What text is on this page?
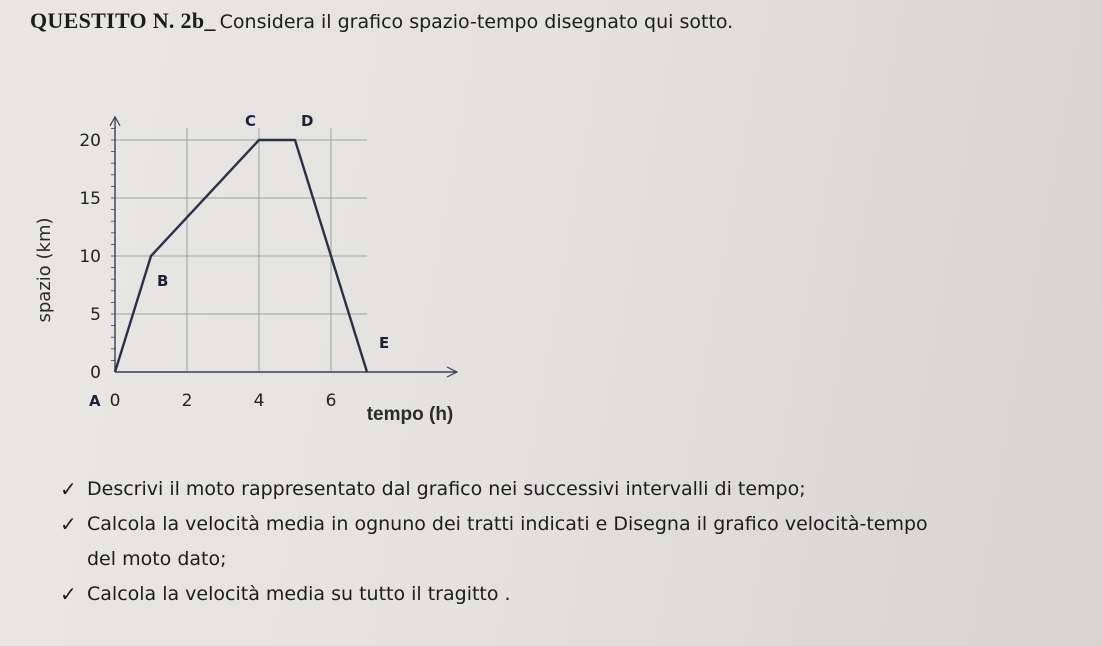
QUESTITO N. 2b_ Considera il grafico spazio-tempo disegnato qui sotto.
0
5
10
15
20
0	2	4	6
A
B
C	D
E
spazio (km)
tempo (h)
✓ Descrivi il moto rappresentato dal grafico nei successivi intervalli di tempo;
✓ Calcola la velocità media in ognuno dei tratti indicati e Disegna il grafico velocità-tempo
del moto dato;
✓ Calcola la velocità media su tutto il tragitto .
